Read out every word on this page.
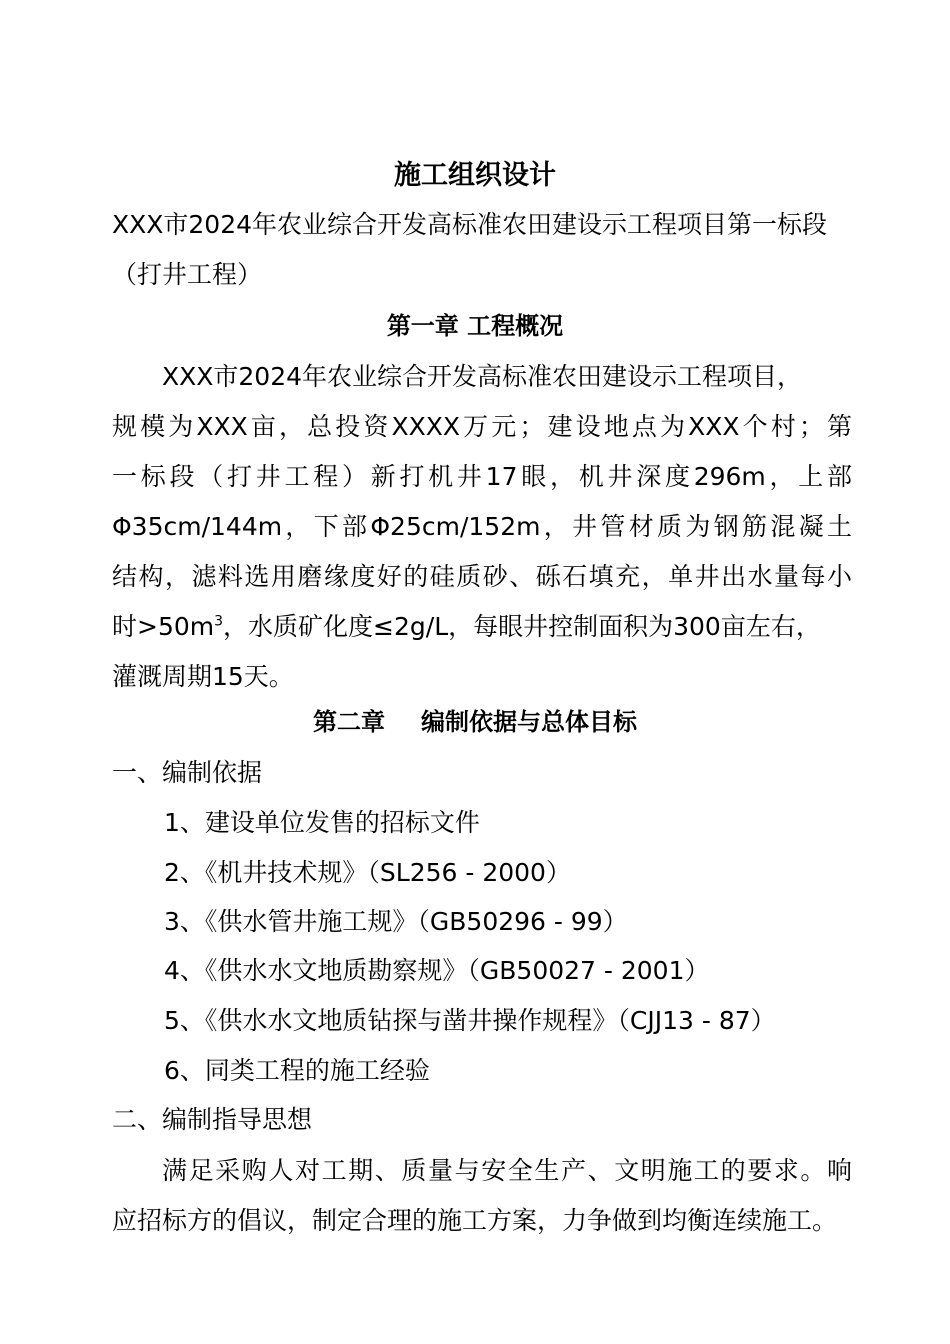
施工组织设计
XXX市2024年农业综合开发高标准农田建设示工程项目第一标段（打井工程）
第一章 工程概况
XXX市2024年农业综合开发高标准农田建设示工程项目，
规模为XXX亩，总投资XXXX万元；建设地点为XXX个村；第
一标段（打井工程）新打机井17眼，机井深度296m，上部
Φ35cm/144m，下部Φ25cm/152m，井管材质为钢筋混凝土
结构，滤料选用磨缘度好的硅质砂、砾石填充，单井出水量每小
时$>50m^3$，水质矿化度≤2g/L，每眼井控制面积为300亩左右，
灌溉周期15天。
第二章 编制依据与总体目标
一、编制依据
1、建设单位发售的招标文件
2、《机井技术规》（SL256 - 2000）
3、《供水管井施工规》（GB50296 - 99）
4、《供水水文地质勘察规》（GB50027 - 2001）
5、《供水水文地质钻探与凿井操作规程》（CJJ13 - 87）
6、同类工程的施工经验
二、编制指导思想
满足采购人对工期、质量与安全生产、文明施工的要求。响
应招标方的倡议，制定合理的施工方案，力争做到均衡连续施工。
